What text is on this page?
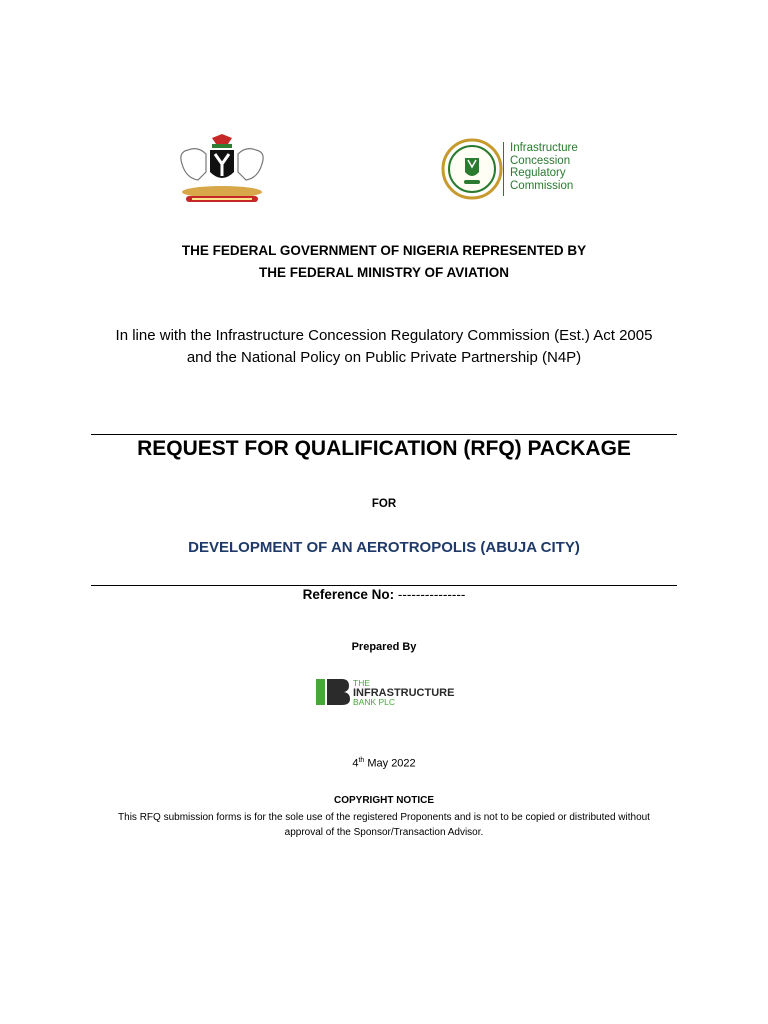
Infrastructure
Concession
Regulatory
Commission
THE FEDERAL GOVERNMENT OF NIGERIA REPRESENTED BY
THE FEDERAL MINISTRY OF AVIATION
In line with the Infrastructure Concession Regulatory Commission (Est.) Act 2005
and the National Policy on Public Private Partnership (N4P)
REQUEST FOR QUALIFICATION (RFQ) PACKAGE
FOR
DEVELOPMENT OF AN AEROTROPOLIS (ABUJA CITY)
Reference No: ---------------
Prepared By
THE
INFRASTRUCTURE
BANK PLC
4th May 2022
COPYRIGHT NOTICE
This RFQ submission forms is for the sole use of the registered Proponents and is not to be copied or distributed without
approval of the Sponsor/Transaction Advisor.
